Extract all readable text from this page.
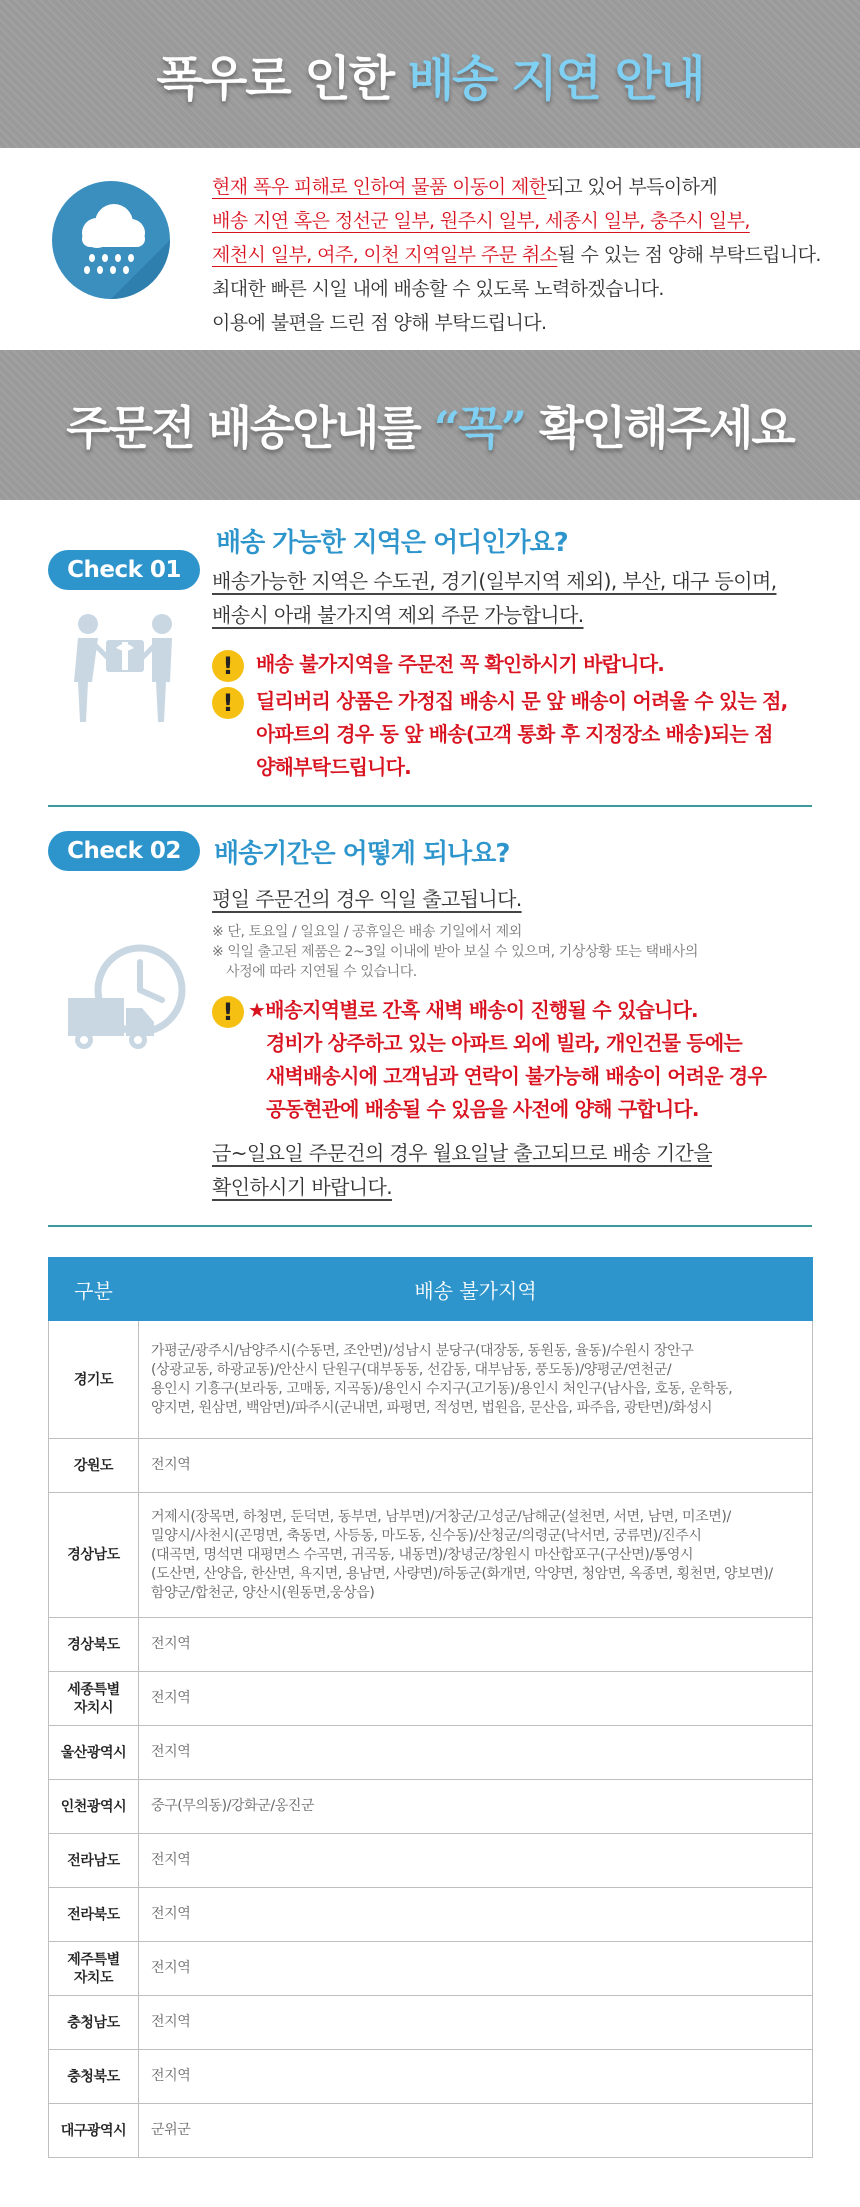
폭우로 인한 배송 지연 안내
현재 폭우 피해로 인하여 물품 이동이 제한되고 있어 부득이하게
배송 지연 혹은 정선군 일부, 원주시 일부, 세종시 일부, 충주시 일부,
제천시 일부, 여주, 이천 지역일부 주문 취소될 수 있는 점 양해 부탁드립니다.
최대한 빠른 시일 내에 배송할 수 있도록 노력하겠습니다.
이용에 불편을 드린 점 양해 부탁드립니다.
주문전 배송안내를 “꼭” 확인해주세요
배송 가능한 지역은 어디인가요?
Check 01	배송가능한 지역은 수도권, 경기(일부지역 제외), 부산, 대구 등이며,
배송시 아래 불가지역 제외 주문 가능합니다.
!	배송 불가지역을 주문전 꼭 확인하시기 바랍니다.
!	딜리버리 상품은 가정집 배송시 문 앞 배송이 어려울 수 있는 점,
아파트의 경우 동 앞 배송(고객 통화 후 지정장소 배송)되는 점
양해부탁드립니다.
Check 02	배송기간은 어떻게 되나요?
평일 주문건의 경우 익일 출고됩니다.
※ 단, 토요일 / 일요일 / 공휴일은 배송 기일에서 제외
※ 익일 출고된 제품은 2~3일 이내에 받아 보실 수 있으며, 기상상황 또는 택배사의
사정에 따라 지연될 수 있습니다.
! ★배송지역별로 간혹 새벽 배송이 진행될 수 있습니다.
경비가 상주하고 있는 아파트 외에 빌라, 개인건물 등에는
새벽배송시에 고객님과 연락이 불가능해 배송이 어려운 경우
공동현관에 배송될 수 있음을 사전에 양해 구합니다.
금~일요일 주문건의 경우 월요일날 출고되므로 배송 기간을
확인하시기 바랍니다.
구분	배송 불가지역

경기도	가평군/광주시/남양주시(수동면, 조안면)/성남시 분당구(대장동, 동원동, 율동)/수원시 장안구
(상광교동, 하광교동)/안산시 단원구(대부동동, 선감동, 대부남동, 풍도동)/양평군/연천군/
용인시 기흥구(보라동, 고매동, 지곡동)/용인시 수지구(고기동)/용인시 처인구(남사읍, 호동, 운학동,
양지면, 원삼면, 백암면)/파주시(군내면, 파평면, 적성면, 법원읍, 문산읍, 파주읍, 광탄면)/화성시

강원도	전지역

경상남도	거제시(장목면, 하청면, 둔덕면, 동부면, 남부면)/거창군/고성군/남해군(설천면, 서면, 남면, 미조면)/
밀양시/사천시(곤명면, 축동면, 사등동, 마도동, 신수동)/산청군/의령군(낙서면, 궁류면)/진주시
(대곡면, 명석면 대평면스 수곡면, 귀곡동, 내동면)/창녕군/창원시 마산합포구(구산면)/통영시
(도산면, 산양읍, 한산면, 욕지면, 용남면, 사량면)/하동군(화개면, 악양면, 청암면, 옥종면, 횡천면, 양보면)/
함양군/합천군, 양산시(원동면,웅상읍)

경상북도	전지역

세종특별
자치시	전지역

울산광역시	전지역

인천광역시	중구(무의동)/강화군/옹진군

전라남도	전지역

전라북도	전지역

제주특별
자치도	전지역

충청남도	전지역

충청북도	전지역

대구광역시	군위군
